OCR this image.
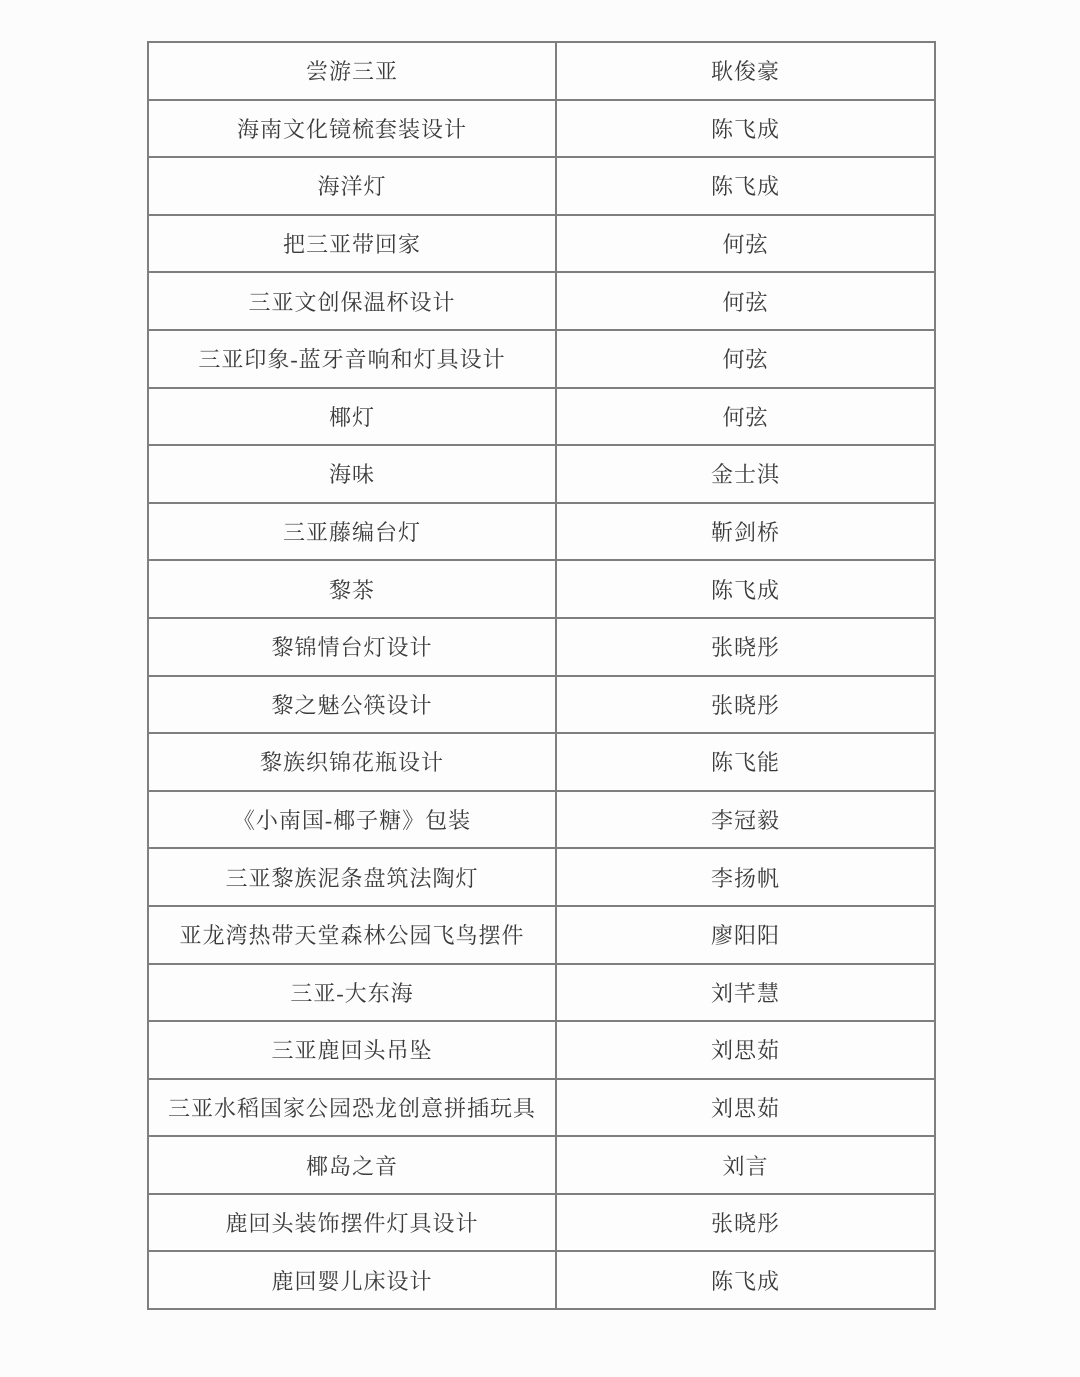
尝游三亚	耿俊豪
海南文化镜梳套装设计	陈飞成
海洋灯	陈飞成
把三亚带回家	何弦
三亚文创保温杯设计	何弦
三亚印象-蓝牙音响和灯具设计	何弦
椰灯	何弦
海味	金士淇
三亚藤编台灯	靳剑桥
黎茶	陈飞成
黎锦情台灯设计	张晓彤
黎之魅公筷设计	张晓彤
黎族织锦花瓶设计	陈飞能
《小南国-椰子糖》包装	李冠毅
三亚黎族泥条盘筑法陶灯	李扬帆
亚龙湾热带天堂森林公园飞鸟摆件	廖阳阳
三亚-大东海	刘芊慧
三亚鹿回头吊坠	刘思茹
三亚水稻国家公园恐龙创意拼插玩具	刘思茹
椰岛之音	刘言
鹿回头装饰摆件灯具设计	张晓彤
鹿回婴儿床设计	陈飞成
